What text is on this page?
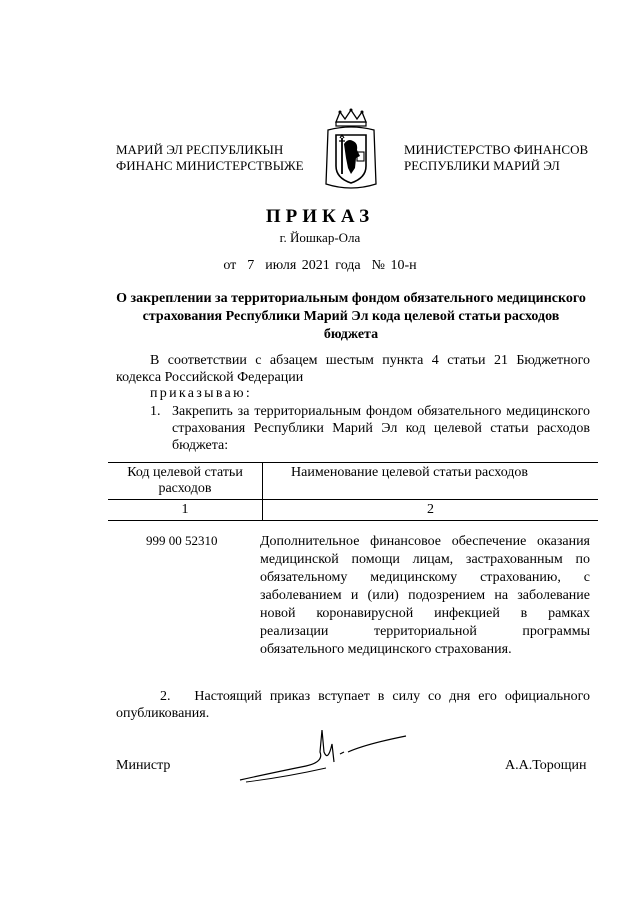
МАРИЙ ЭЛ РЕСПУБЛИКЫН
ФИНАНС МИНИСТЕРСТВЫЖЕ
МИНИСТЕРСТВО ФИНАНСОВ
РЕСПУБЛИКИ МАРИЙ ЭЛ
ПРИКАЗ
г. Йошкар-Ола
от  7  июля 2021 года  № 10-н
О закреплении за территориальным фондом обязательного медицинского страхования Республики Марий Эл кода целевой статьи расходов бюджета
В соответствии с абзацем шестым пункта 4 статьи 21 Бюджетного кодекса Российской Федерации
приказываю:
1. Закрепить за территориальным фондом обязательного медицинского страхования Республики Марий Эл код целевой статьи расходов бюджета:
Код целевой статьи расходов	Наименование целевой статьи расходов
1	2
999 00 52310	Дополнительное финансовое обеспечение оказания медицинской помощи лицам, застрахованным по обязательному медицинскому страхованию, с заболеванием и (или) подозрением на заболевание новой коронавирусной инфекцией в рамках реализации территориальной программы обязательного медицинского страхования.
2.   Настоящий приказ вступает в силу со дня его официального опубликования.
Министр	А.А.Торощин
